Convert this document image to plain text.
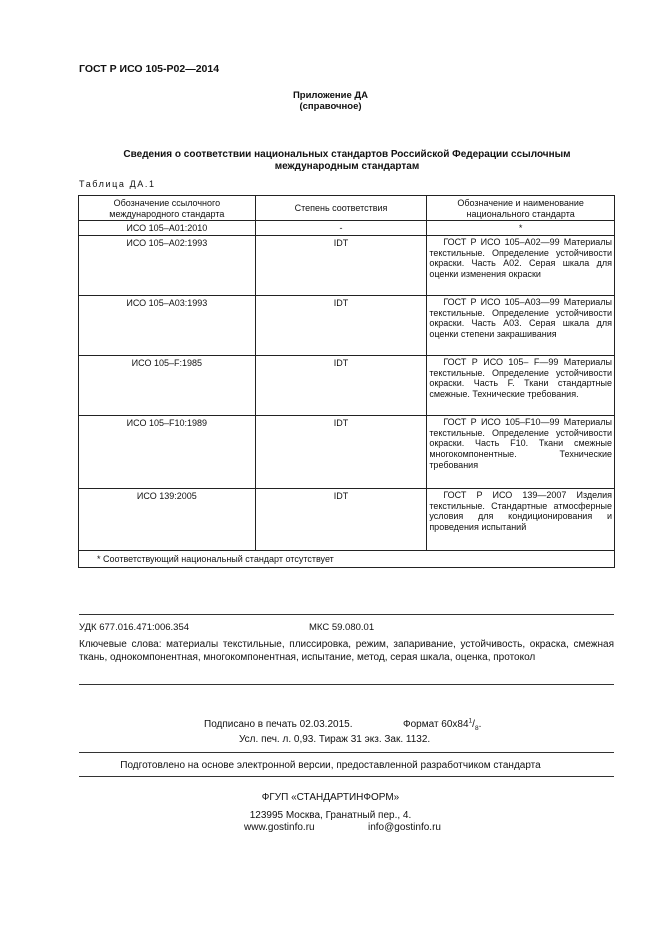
ГОСТ Р ИСО 105-Р02—2014
Приложение ДА
(справочное)
Сведения о соответствии национальных стандартов Российской Федерации ссылочным
международным стандартам
Таблица ДА.1
Обозначение ссылочного международного стандарта	Степень соответствия	Обозначение и наименование национального стандарта
ИСО 105–А01:2010	-	*
ИСО 105–А02:1993	IDT	ГОСТ Р ИСО 105–А02—99 Материалы текстильные. Определение устойчивости окраски. Часть А02. Серая шкала для оценки изменения окраски
ИСО 105–А03:1993	IDT	ГОСТ Р ИСО 105–А03—99 Материалы текстильные. Определение устойчивости окраски. Часть А03. Серая шкала для оценки степени закрашивания
ИСО 105–F:1985	IDT	ГОСТ Р ИСО 105– F—99 Материалы текстильные. Определение устойчивости окраски. Часть F. Ткани стандартные смежные. Технические требования.
ИСО 105–F10:1989	IDT	ГОСТ Р ИСО 105–F10—99 Материалы текстильные. Определение устойчивости окраски. Часть F10. Ткани смежные многокомпонентные. Технические требования
ИСО 139:2005	IDT	ГОСТ Р ИСО 139—2007 Изделия текстильные. Стандартные атмосферные условия для кондиционирования и проведения испытаний
* Соответствующий национальный стандарт отсутствует		
УДК 677.016.471:006.354	МКС 59.080.01
Ключевые слова: материалы текстильные, плиссировка, режим, запаривание, устойчивость, окраска, смежная ткань, однокомпонентная, многокомпонентная, испытание, метод, серая шкала, оценка, протокол
Подписано в печать 02.03.2015.	Формат $60x84^1/_8$.
Усл. печ. л. 0,93. Тираж 31 экз. Зак. 1132.
Подготовлено на основе электронной версии, предоставленной разработчиком стандарта
ФГУП «СТАНДАРТИНФОРМ»
123995 Москва, Гранатный пер., 4.
www.gostinfo.ru	info@gostinfo.ru
